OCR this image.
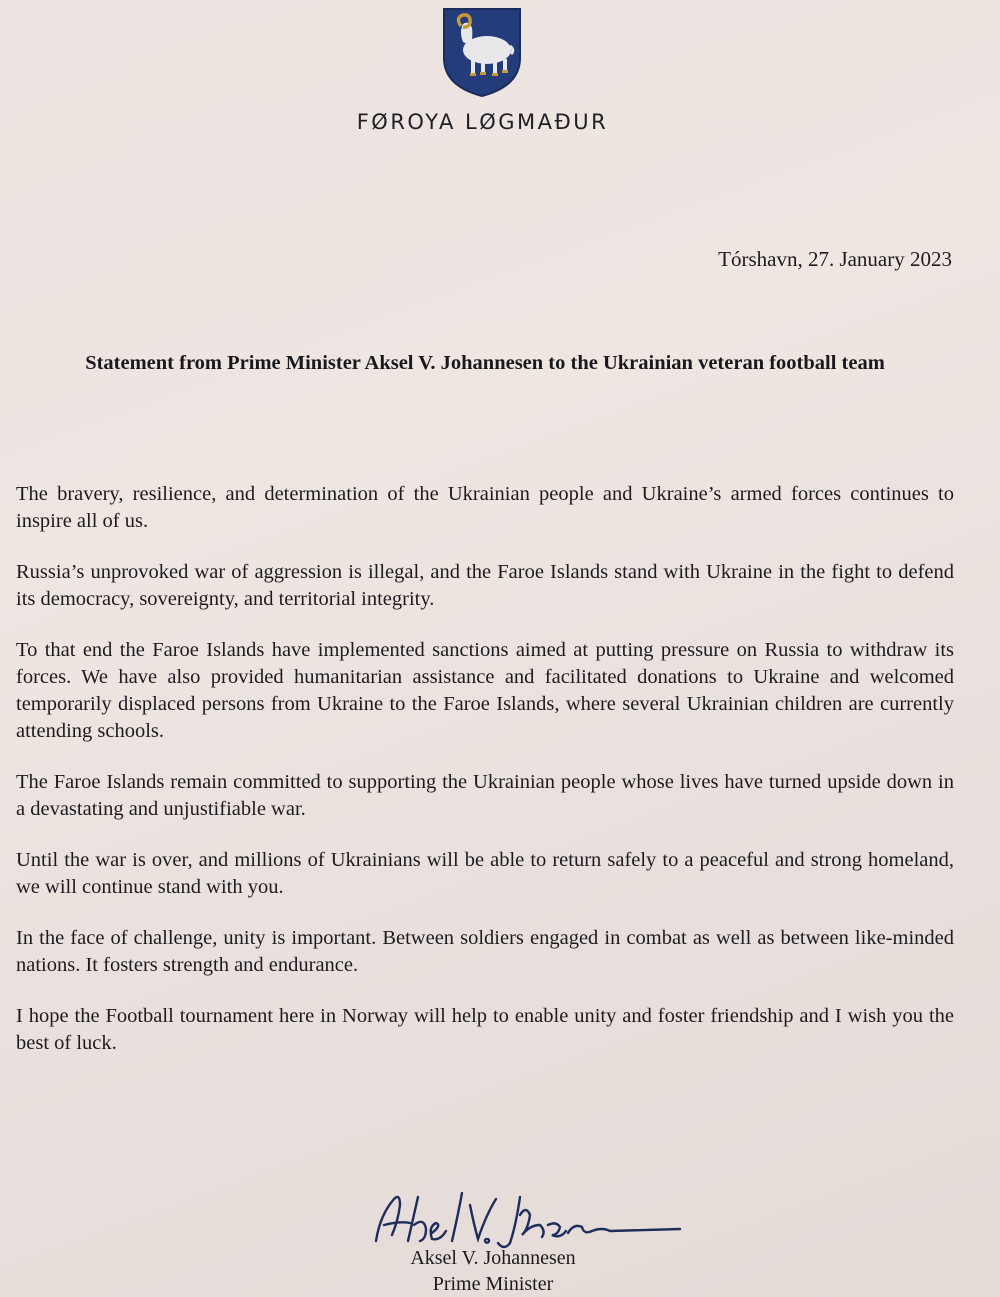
FØROYA LØGMAÐUR
Tórshavn, 27. January 2023
Statement from Prime Minister Aksel V. Johannesen to the Ukrainian veteran football team

The bravery, resilience, and determination of the Ukrainian people and Ukraine’s armed forces continues to inspire all of us.

Russia’s unprovoked war of aggression is illegal, and the Faroe Islands stand with Ukraine in the fight to defend its democracy, sovereignty, and territorial integrity.

To that end the Faroe Islands have implemented sanctions aimed at putting pressure on Russia to withdraw its forces. We have also provided humanitarian assistance and facilitated donations to Ukraine and welcomed temporarily displaced persons from Ukraine to the Faroe Islands, where several Ukrainian children are currently attending schools.

The Faroe Islands remain committed to supporting the Ukrainian people whose lives have turned upside down in a devastating and unjustifiable war.

Until the war is over, and millions of Ukrainians will be able to return safely to a peaceful and strong homeland, we will continue stand with you.

In the face of challenge, unity is important. Between soldiers engaged in combat as well as between like-minded nations. It fosters strength and endurance.

I hope the Football tournament here in Norway will help to enable unity and foster friendship and I wish you the best of luck.

Aksel V. Johannesen
Prime Minister
